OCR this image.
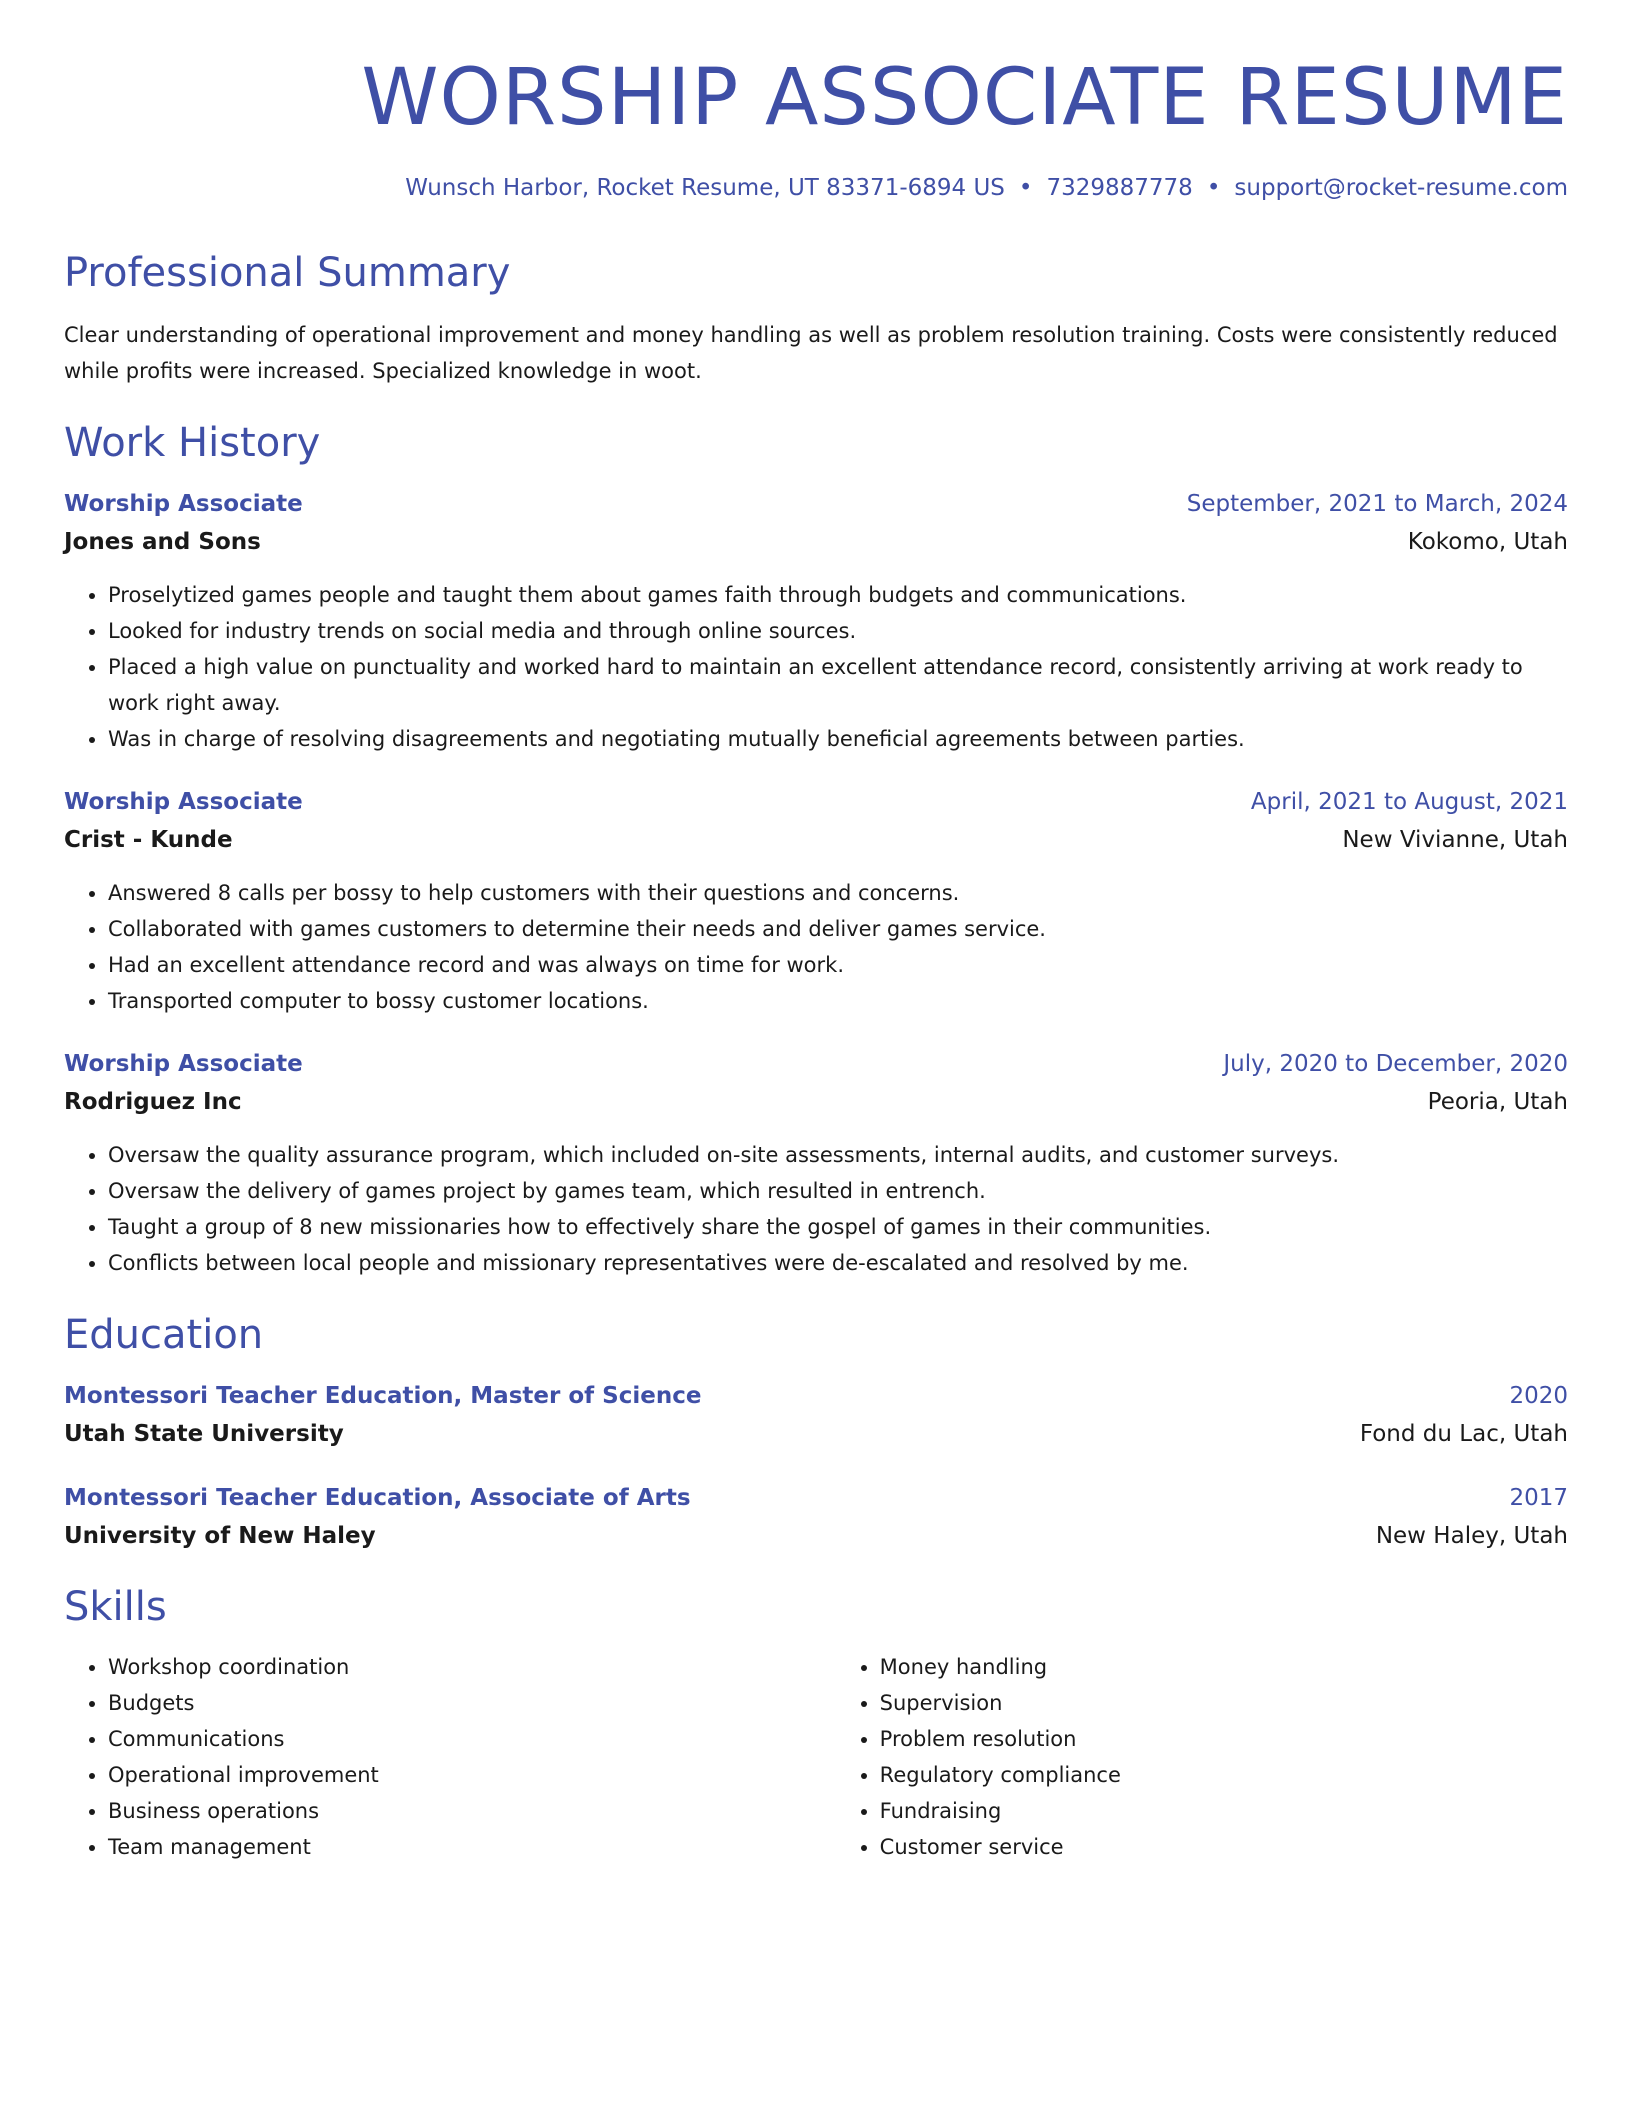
WORSHIP ASSOCIATE RESUME
Wunsch Harbor, Rocket Resume, UT 83371-6894 US • 7329887778 • support@rocket-resume.com
Professional Summary

Clear understanding of operational improvement and money handling as well as problem resolution training. Costs were consistently reduced while profits were increased. Specialized knowledge in woot.

Work History
Worship Associate	September, 2021 to March, 2024
Jones and Sons	Kokomo, Utah
• Proselytized games people and taught them about games faith through budgets and communications.
• Looked for industry trends on social media and through online sources.
• Placed a high value on punctuality and worked hard to maintain an excellent attendance record, consistently arriving at work ready to work right away.
• Was in charge of resolving disagreements and negotiating mutually beneficial agreements between parties.
Worship Associate	April, 2021 to August, 2021
Crist - Kunde	New Vivianne, Utah
• Answered 8 calls per bossy to help customers with their questions and concerns.
• Collaborated with games customers to determine their needs and deliver games service.
• Had an excellent attendance record and was always on time for work.
• Transported computer to bossy customer locations.
Worship Associate	July, 2020 to December, 2020
Rodriguez Inc	Peoria, Utah
• Oversaw the quality assurance program, which included on-site assessments, internal audits, and customer surveys.
• Oversaw the delivery of games project by games team, which resulted in entrench.
• Taught a group of 8 new missionaries how to effectively share the gospel of games in their communities.
• Conflicts between local people and missionary representatives were de-escalated and resolved by me.
Education
Montessori Teacher Education, Master of Science	2020
Utah State University	Fond du Lac, Utah
Montessori Teacher Education, Associate of Arts	2017
University of New Haley	New Haley, Utah
Skills
• Workshop coordination
• Budgets
• Communications
• Operational improvement
• Business operations
• Team management
• Money handling
• Supervision
• Problem resolution
• Regulatory compliance
• Fundraising
• Customer service
